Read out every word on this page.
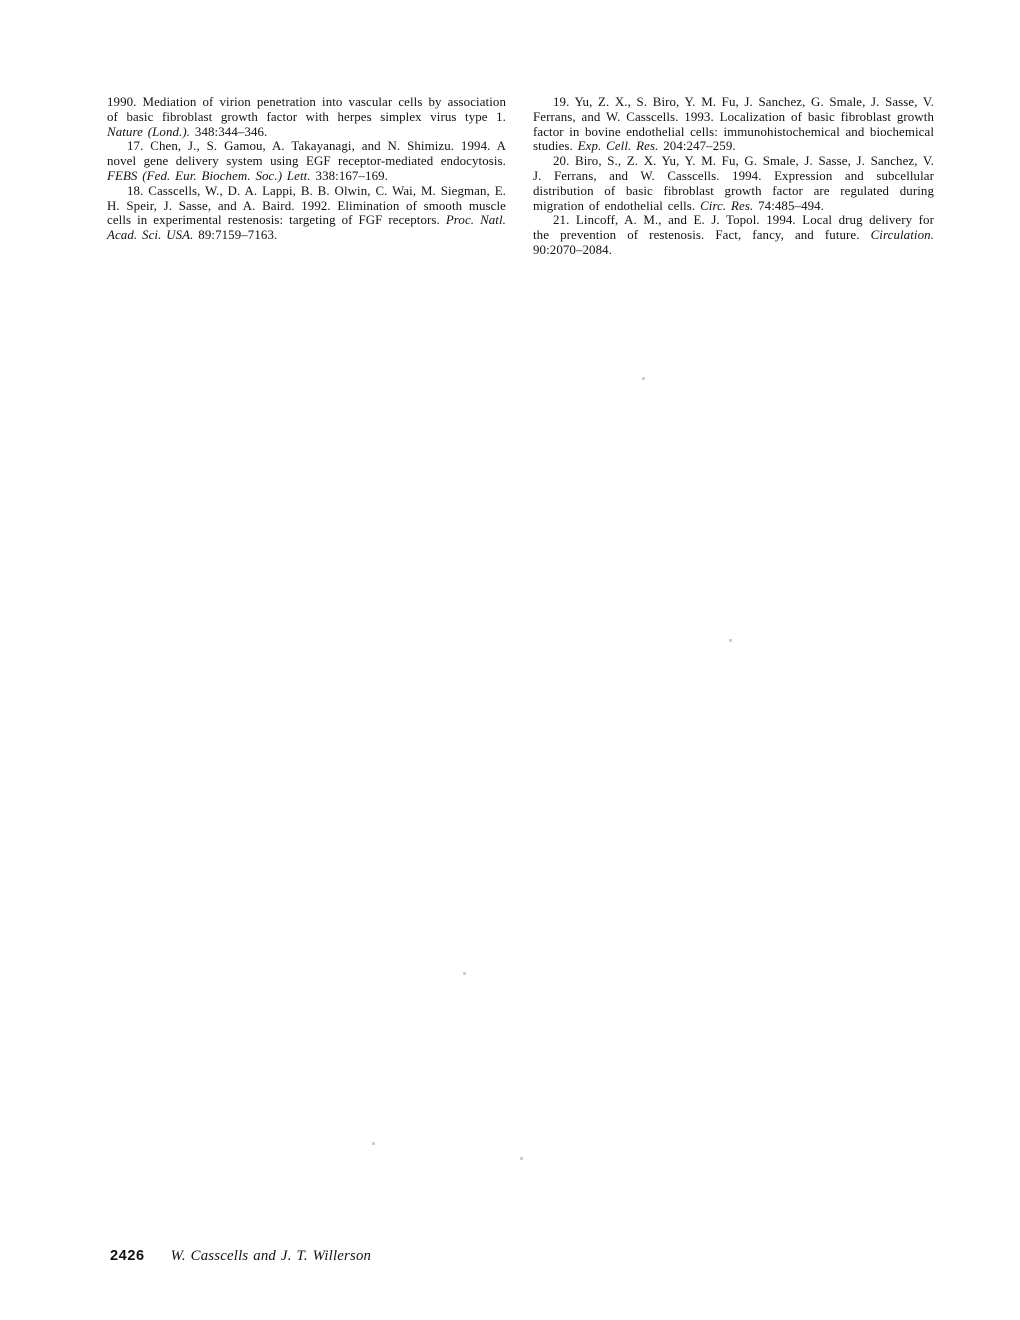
1990. Mediation of virion penetration into vascular cells by association of basic fibroblast growth factor with herpes simplex virus type 1. Nature (Lond.). 348:344–346.

17. Chen, J., S. Gamou, A. Takayanagi, and N. Shimizu. 1994. A novel gene delivery system using EGF receptor-mediated endocytosis. FEBS (Fed. Eur. Biochem. Soc.) Lett. 338:167–169.

18. Casscells, W., D. A. Lappi, B. B. Olwin, C. Wai, M. Siegman, E. H. Speir, J. Sasse, and A. Baird. 1992. Elimination of smooth muscle cells in experimental restenosis: targeting of FGF receptors. Proc. Natl. Acad. Sci. USA. 89:7159–7163.

19. Yu, Z. X., S. Biro, Y. M. Fu, J. Sanchez, G. Smale, J. Sasse, V. Ferrans, and W. Casscells. 1993. Localization of basic fibroblast growth factor in bovine endothelial cells: immunohistochemical and biochemical studies. Exp. Cell. Res. 204:247–259.

20. Biro, S., Z. X. Yu, Y. M. Fu, G. Smale, J. Sasse, J. Sanchez, V. J. Ferrans, and W. Casscells. 1994. Expression and subcellular distribution of basic fibroblast growth factor are regulated during migration of endothelial cells. Circ. Res. 74:485–494.

21. Lincoff, A. M., and E. J. Topol. 1994. Local drug delivery for the prevention of restenosis. Fact, fancy, and future. Circulation. 90:2070–2084.

2426 W. Casscells and J. T. Willerson
